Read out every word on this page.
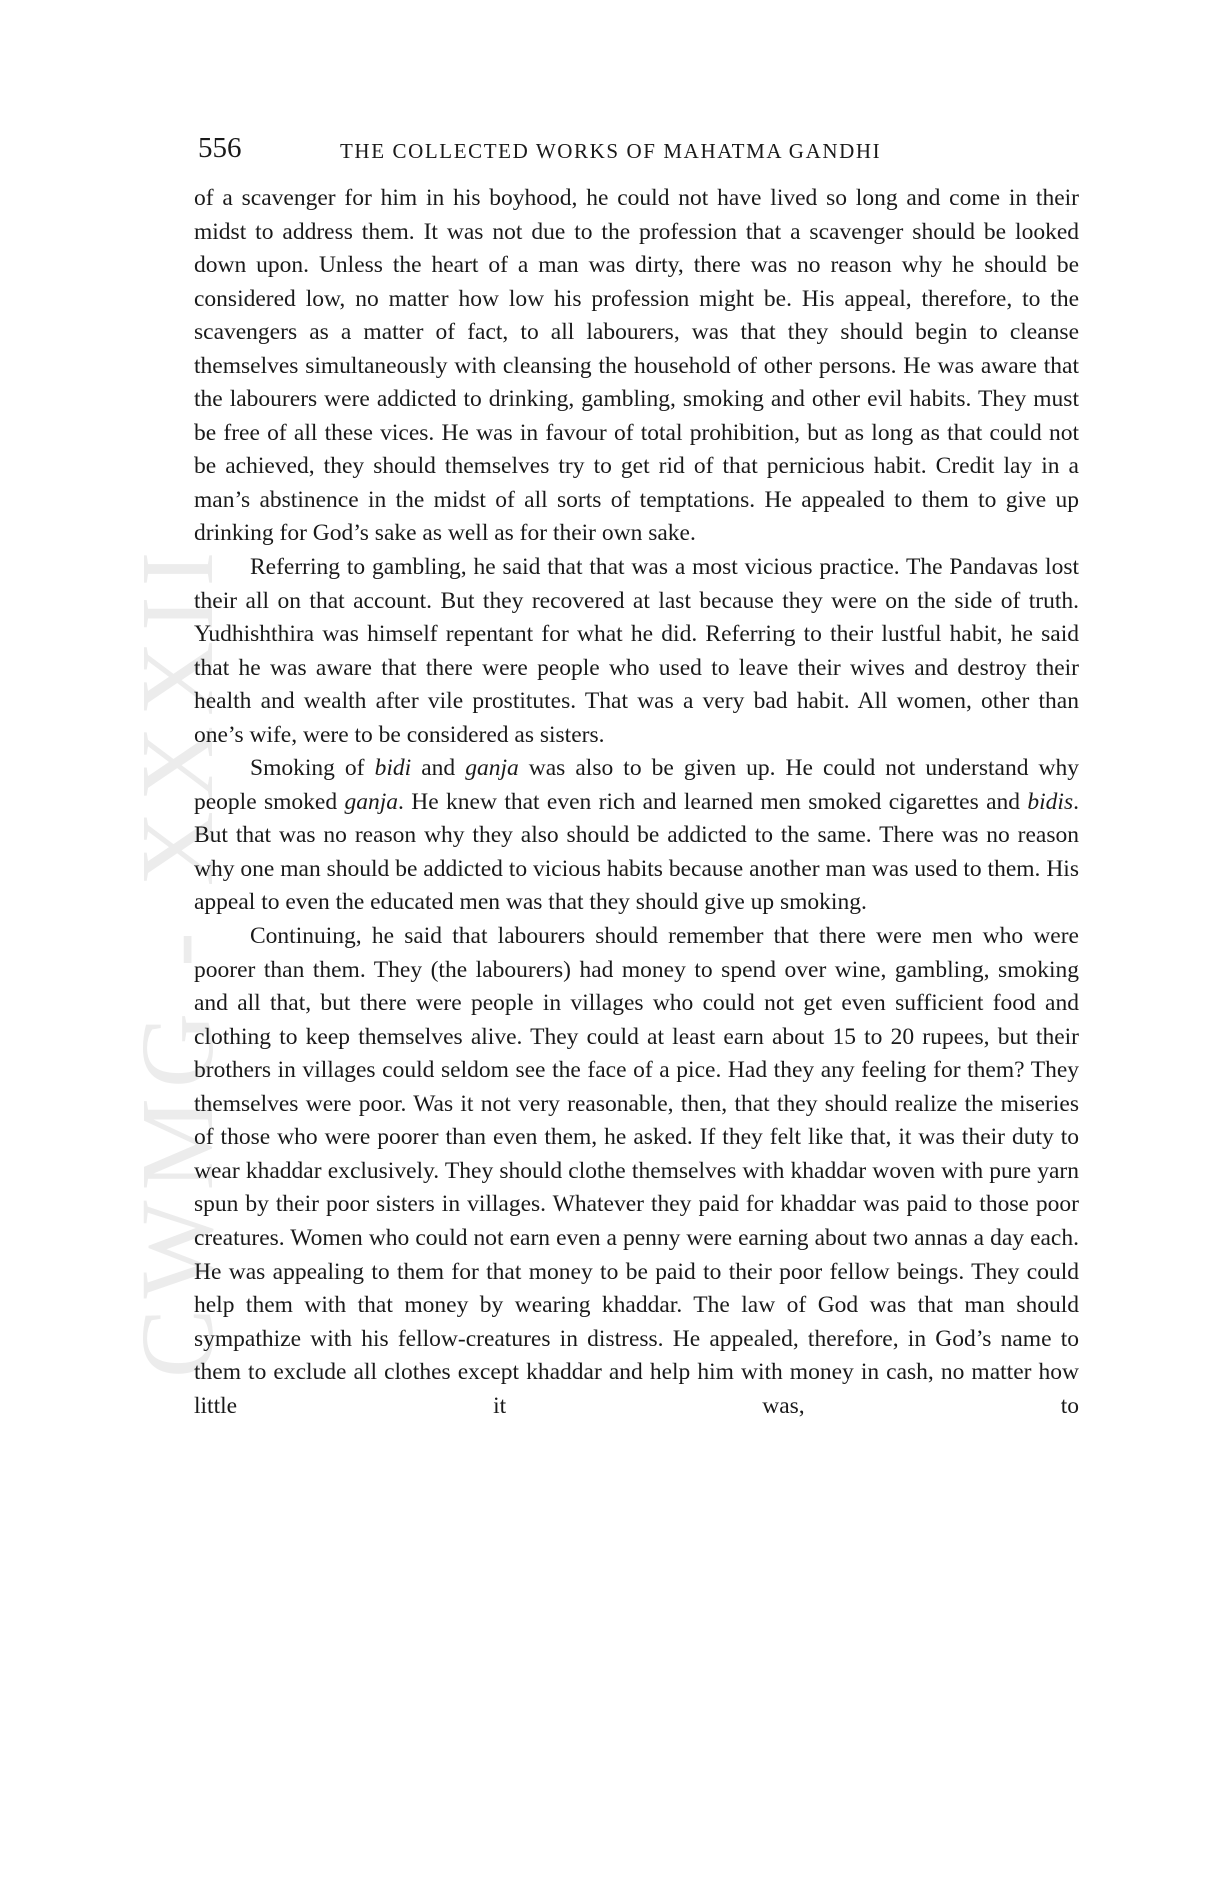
CWMG - XXXII
556	THE COLLECTED WORKS OF MAHATMA GANDHI

of a scavenger for him in his boyhood, he could not have lived so long and come in their midst to address them. It was not due to the profession that a scavenger should be looked down upon. Unless the heart of a man was dirty, there was no reason why he should be considered low, no matter how low his profession might be. His appeal, therefore, to the scavengers as a matter of fact, to all labourers, was that they should begin to cleanse themselves simultaneously with cleansing the household of other persons. He was aware that the labourers were addicted to drinking, gambling, smoking and other evil habits. They must be free of all these vices. He was in favour of total prohibition, but as long as that could not be achieved, they should themselves try to get rid of that pernicious habit. Credit lay in a man’s abstinence in the midst of all sorts of temptations. He appealed to them to give up drinking for God’s sake as well as for their own sake.

Referring to gambling, he said that that was a most vicious practice. The Pandavas lost their all on that account. But they recovered at last because they were on the side of truth. Yudhishthira was himself repentant for what he did. Referring to their lustful habit, he said that he was aware that there were people who used to leave their wives and destroy their health and wealth after vile prostitutes. That was a very bad habit. All women, other than one’s wife, were to be considered as sisters.

Smoking of bidi and ganja was also to be given up. He could not understand why people smoked ganja. He knew that even rich and learned men smoked cigarettes and bidis. But that was no reason why they also should be addicted to the same. There was no reason why one man should be addicted to vicious habits because another man was used to them. His appeal to even the educated men was that they should give up smoking.

Continuing, he said that labourers should remember that there were men who were poorer than them. They (the labourers) had money to spend over wine, gambling, smoking and all that, but there were people in villages who could not get even sufficient food and clothing to keep themselves alive. They could at least earn about 15 to 20 rupees, but their brothers in villages could seldom see the face of a pice. Had they any feeling for them? They themselves were poor. Was it not very reasonable, then, that they should realize the miseries of those who were poorer than even them, he asked. If they felt like that, it was their duty to wear khaddar exclusively. They should clothe themselves with khaddar woven with pure yarn spun by their poor sisters in villages. Whatever they paid for khaddar was paid to those poor creatures. Women who could not earn even a penny were earning about two annas a day each. He was appealing to them for that money to be paid to their poor fellow beings. They could help them with that money by wearing khaddar. The law of God was that man should sympathize with his fellow-creatures in distress. He appealed, therefore, in God’s name to them to exclude all clothes except khaddar and help him with money in cash, no matter how little it was, to
